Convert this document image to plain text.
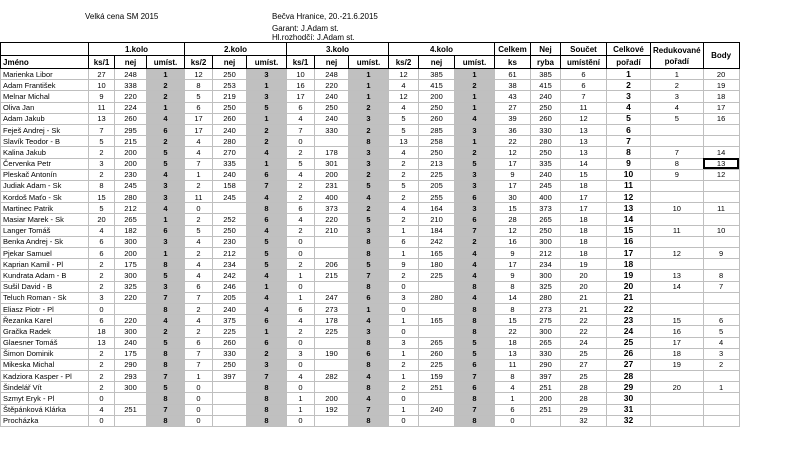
Velká cena SM 2015	Bečva Hranice, 20.-21.6.2015
Garant: J.Adam st.
Hl.rozhodčí: J.Adam st.
	1.kolo			2.kolo			3.kolo			4.kolo			Celkem	Nej	Součet	Celkové	Redukované pořadí	Body
Jméno	ks/1	nej	umíst.	ks/2	nej	umíst.	ks/1	nej	umíst.	ks/2	nej	umíst.	ks	ryba	umístění	pořadí		
Marienka Libor	27	248	1	12	250	3	10	248	1	12	385	1	61	385	6	1	1	20
Adam František	10	338	2	8	253	1	16	220	1	4	415	2	38	415	6	2	2	19
Melnar Michal	9	220	2	5	219	3	17	240	1	12	200	1	43	240	7	3	3	18
Oliva Jan	11	224	1	6	250	5	6	250	2	4	250	1	27	250	11	4	4	17
Adam Jakub	13	260	4	17	260	1	4	240	3	5	260	4	39	260	12	5	5	16
Feješ Andrej - Sk	7	295	6	17	240	2	7	330	2	5	285	3	36	330	13	6		
Slavík Teodor - B	5	215	2	4	280	2	0		8	13	258	1	22	280	13	7		
Kalina Jakub	2	200	5	4	270	4	2	178	3	4	250	2	12	250	13	8	7	14
Červenka Petr	3	200	5	7	335	1	5	301	3	2	213	5	17	335	14	9	8	13
Pleskač Antonín	2	230	4	1	240	6	4	200	2	2	225	3	9	240	15	10	9	12
Judiak Adam - Sk	8	245	3	2	158	7	2	231	5	5	205	3	17	245	18	11		
Kordoš Maťo - Sk	15	280	3	11	245	4	2	400	4	2	255	6	30	400	17	12		
Martinec Patrik	5	212	4	0		8	6	373	2	4	164	3	15	373	17	13	10	11
Masiar Marek - Sk	20	265	1	2	252	6	4	220	5	2	210	6	28	265	18	14		
Langer Tomáš	4	182	6	5	250	4	2	210	3	1	184	7	12	250	18	15	11	10
Benka Andrej - Sk	6	300	3	4	230	5	0		8	6	242	2	16	300	18	16		
Pjekar Samuel	6	200	1	2	212	5	0		8	1	165	4	9	212	18	17	12	9
Kaprian Kamil - Pl	2	175	8	4	234	5	2	206	5	9	180	4	17	234	19	18		
Kundrata Adam - B	2	300	5	4	242	4	1	215	7	2	225	4	9	300	20	19	13	8
Sušil David - B	2	325	3	6	246	1	0		8	0		8	8	325	20	20	14	7
Teluch Roman - Sk	3	220	7	7	205	4	1	247	6	3	280	4	14	280	21	21		
Eliasz Piotr - Pl	0		8	2	240	4	6	273	1	0		8	8	273	21	22		
Řezanka Karel	6	220	4	4	375	6	4	178	4	1	165	8	15	275	22	23	15	6
Gračka Radek	18	300	2	2	225	1	2	225	3	0		8	22	300	22	24	16	5
Glaesner Tomáš	13	240	5	6	260	6	0		8	3	265	5	18	265	24	25	17	4
Šimon Dominik	2	175	8	7	330	2	3	190	6	1	260	5	13	330	25	26	18	3
Mikeska Michal	2	290	8	7	250	3	0		8	2	225	6	11	290	27	27	19	2
Kadziora Kasper - Pl	2	293	7	1	397	7	4	282	4	1	159	7	8	397	25	28		
Šindelář Vít	2	300	5	0		8	0		8	2	251	6	4	251	28	29	20	1
Szmyt Eryk - Pl	0		8	0		8	1	200	4	0		8	1	200	28	30		
Štěpánková Klárka	4	251	7	0		8	1	192	7	1	240	7	6	251	29	31		
Procházka	0		8	0		8	0		8	0		8	0		32	32		
